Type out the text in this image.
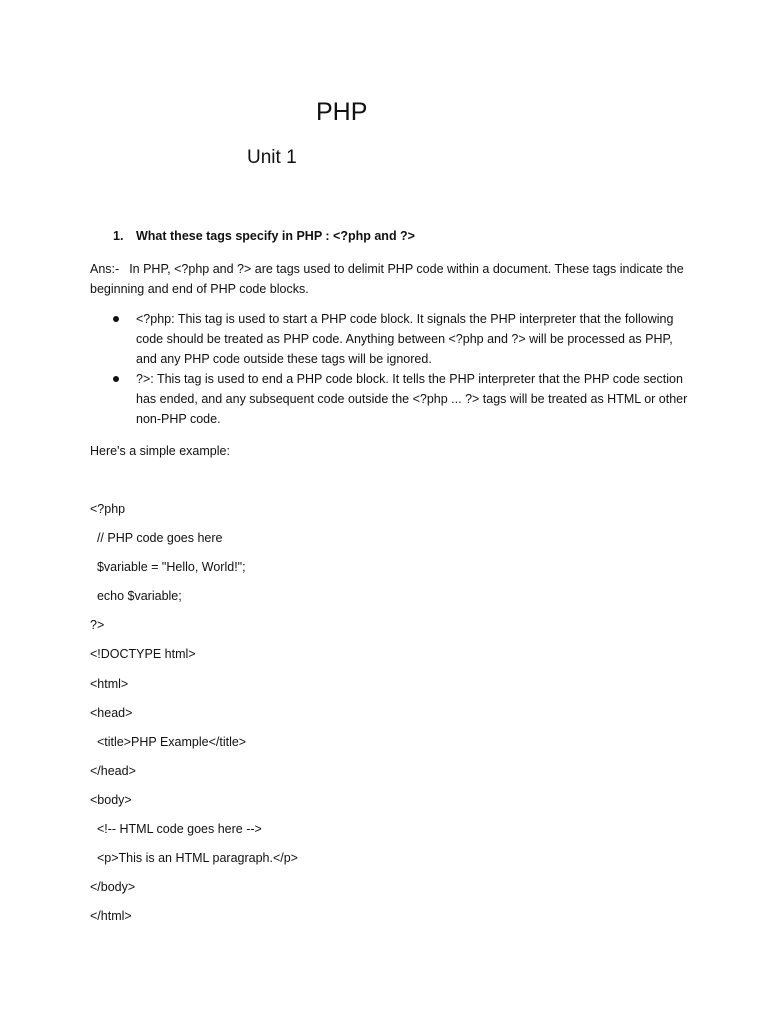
PHP
Unit 1
1. What these tags specify in PHP : <?php and ?>
Ans:- In PHP, <?php and ?> are tags used to delimit PHP code within a document. These tags indicate the beginning and end of PHP code blocks.
<?php: This tag is used to start a PHP code block. It signals the PHP interpreter that the following code should be treated as PHP code. Anything between <?php and ?> will be processed as PHP, and any PHP code outside these tags will be ignored.
?>: This tag is used to end a PHP code block. It tells the PHP interpreter that the PHP code section has ended, and any subsequent code outside the <?php ... ?> tags will be treated as HTML or other non-PHP code.
Here's a simple example:
<?php
// PHP code goes here
$variable = "Hello, World!";
echo $variable;
?>
<!DOCTYPE html>
<html>
<head>
<title>PHP Example</title>
</head>
<body>
<!-- HTML code goes here -->
<p>This is an HTML paragraph.</p>
</body>
</html>
